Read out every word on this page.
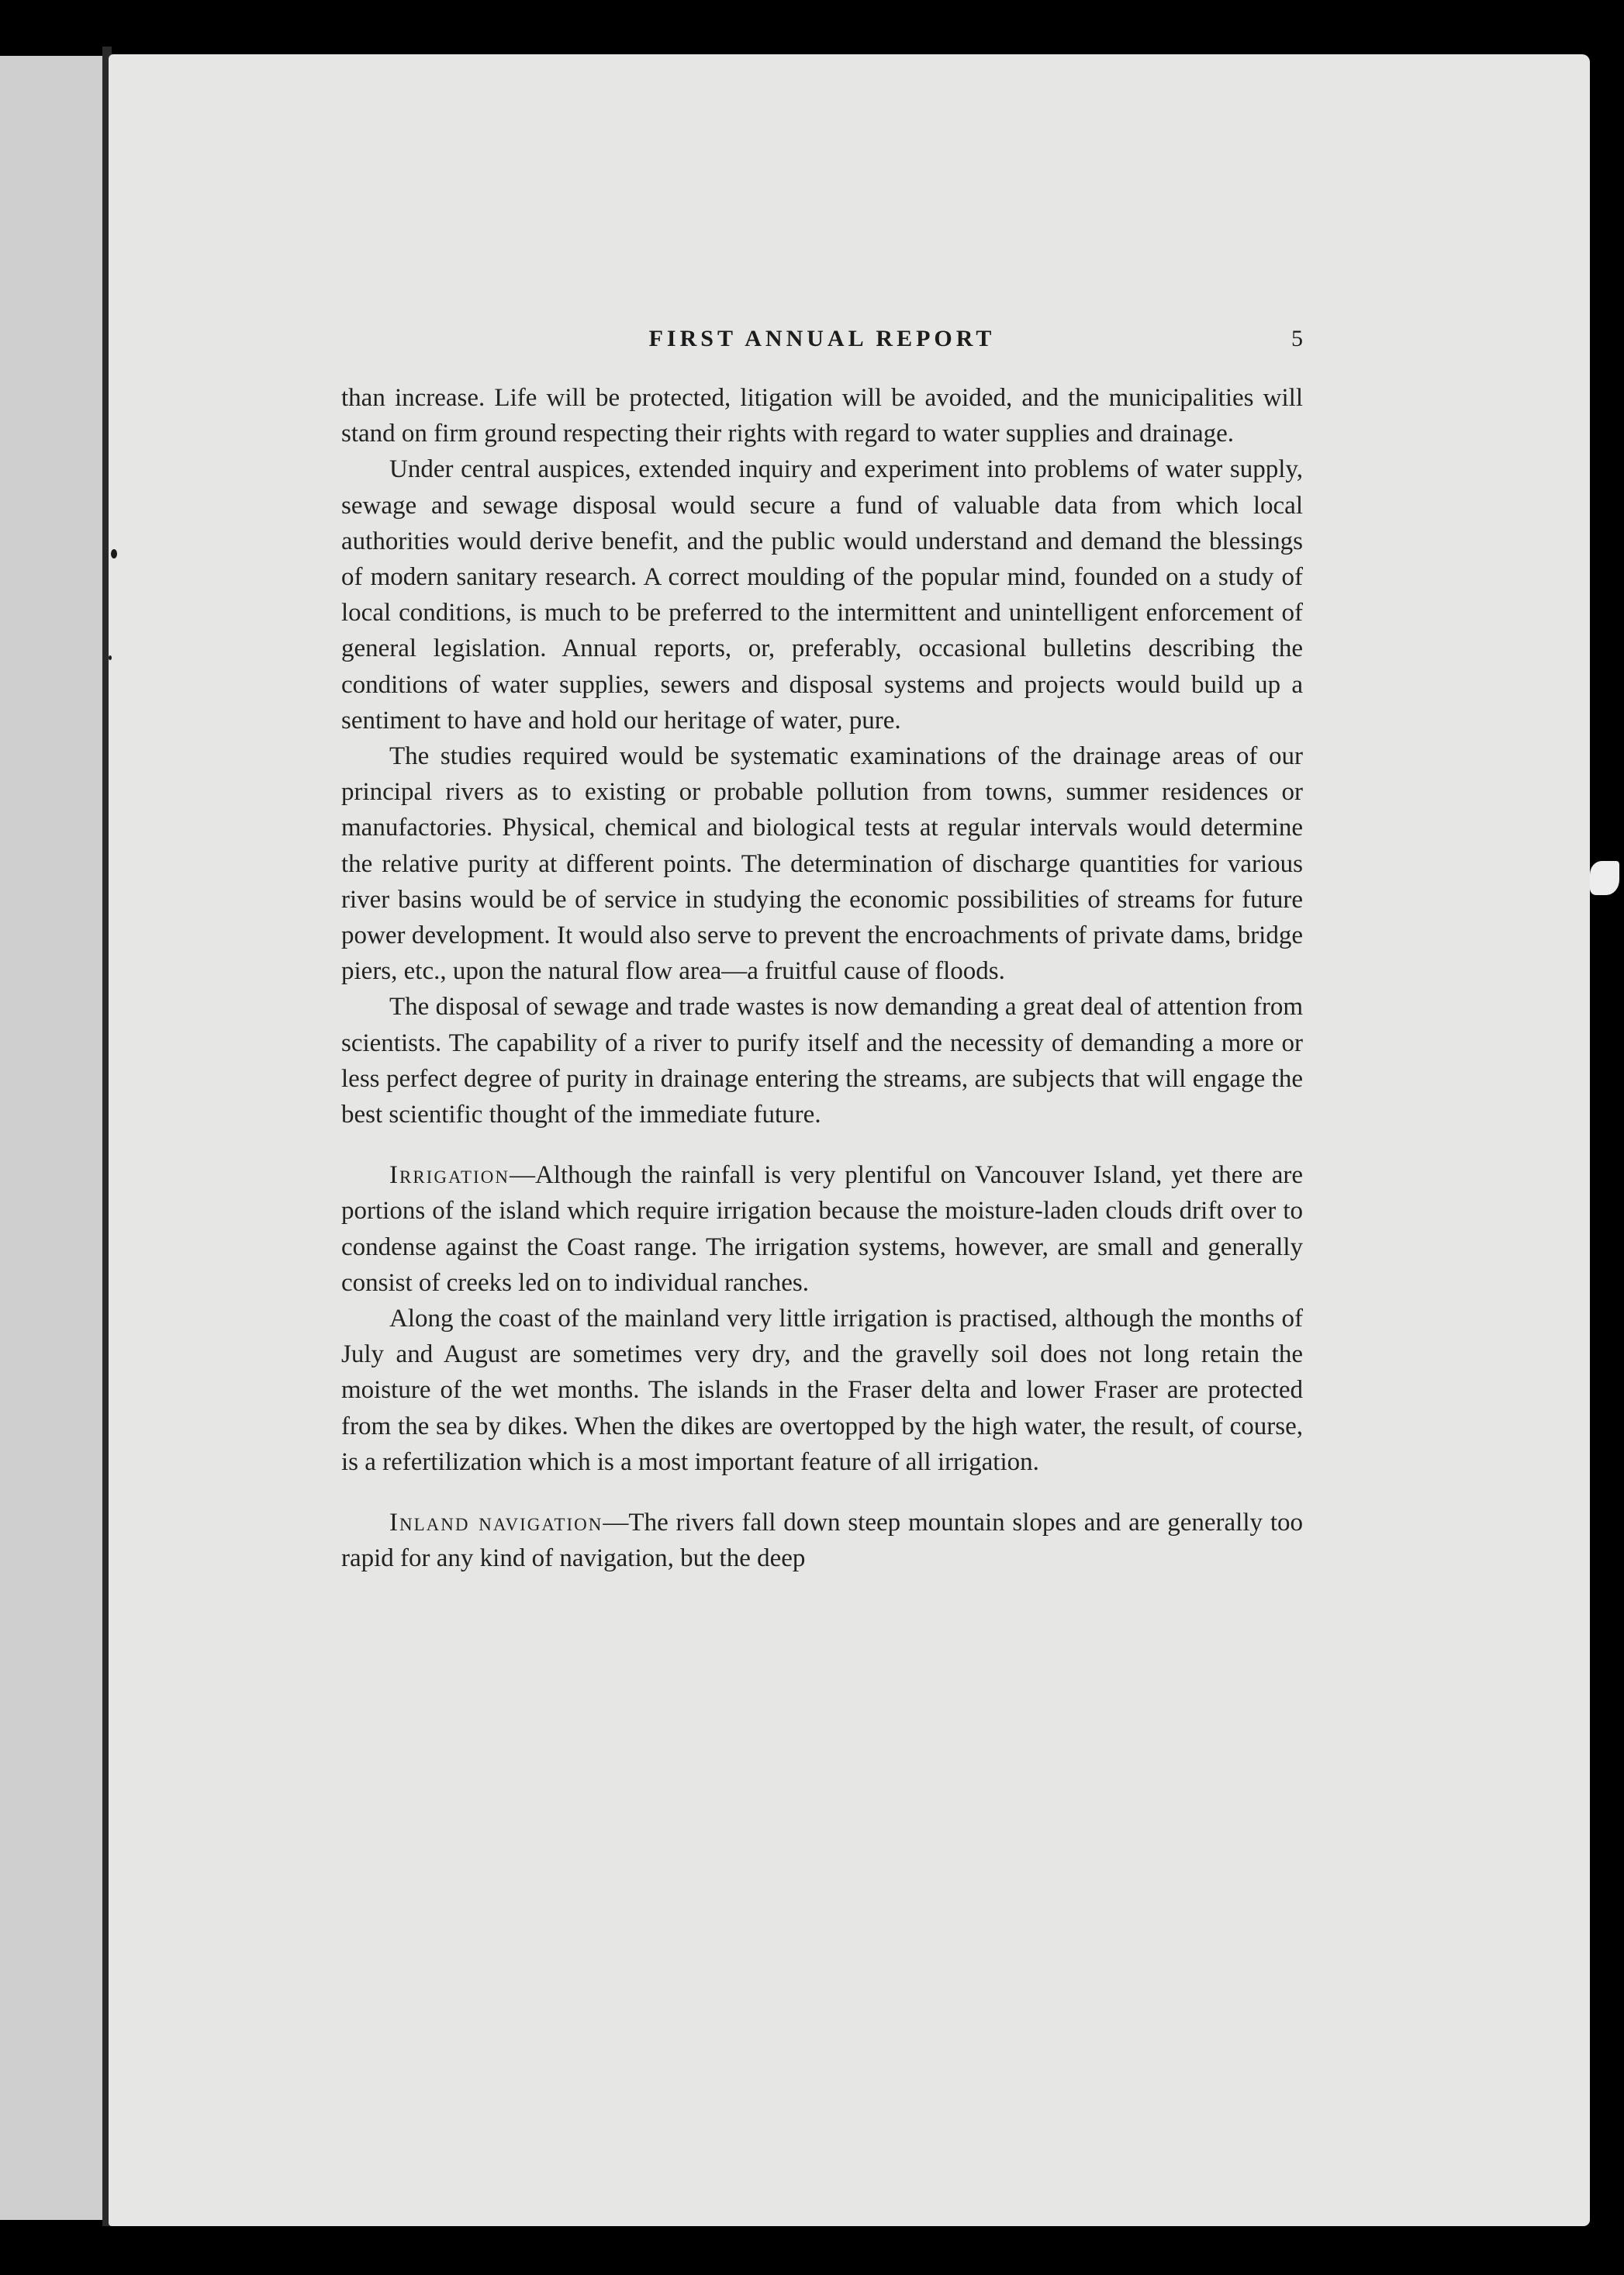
FIRST ANNUAL REPORT	5

than increase. Life will be protected, litigation will be avoided, and the municipalities will stand on firm ground respecting their rights with regard to water supplies and drainage.

Under central auspices, extended inquiry and experiment into problems of water supply, sewage and sewage disposal would secure a fund of valuable data from which local authorities would derive benefit, and the public would understand and demand the blessings of modern sanitary research. A correct moulding of the popular mind, founded on a study of local conditions, is much to be preferred to the intermittent and unintelligent enforcement of general legislation. Annual reports, or, preferably, occasional bulletins describing the conditions of water supplies, sewers and disposal systems and projects would build up a sentiment to have and hold our heritage of water, pure.

The studies required would be systematic examinations of the drainage areas of our principal rivers as to existing or probable pollution from towns, summer residences or manufactories. Physical, chemical and biological tests at regular intervals would determine the relative purity at different points. The determination of discharge quantities for various river basins would be of service in studying the economic possibilities of streams for future power development. It would also serve to prevent the encroachments of private dams, bridge piers, etc., upon the natural flow area—a fruitful cause of floods.

The disposal of sewage and trade wastes is now demanding a great deal of attention from scientists. The capability of a river to purify itself and the necessity of demanding a more or less perfect degree of purity in drainage entering the streams, are subjects that will engage the best scientific thought of the immediate future.

Irrigation—Although the rainfall is very plentiful on Vancouver Island, yet there are portions of the island which require irrigation because the moisture-laden clouds drift over to condense against the Coast range. The irrigation systems, however, are small and generally consist of creeks led on to individual ranches.

Along the coast of the mainland very little irrigation is practised, although the months of July and August are sometimes very dry, and the gravelly soil does not long retain the moisture of the wet months. The islands in the Fraser delta and lower Fraser are protected from the sea by dikes. When the dikes are overtopped by the high water, the result, of course, is a refertilization which is a most important feature of all irrigation.

Inland navigation—The rivers fall down steep mountain slopes and are generally too rapid for any kind of navigation, but the deep
